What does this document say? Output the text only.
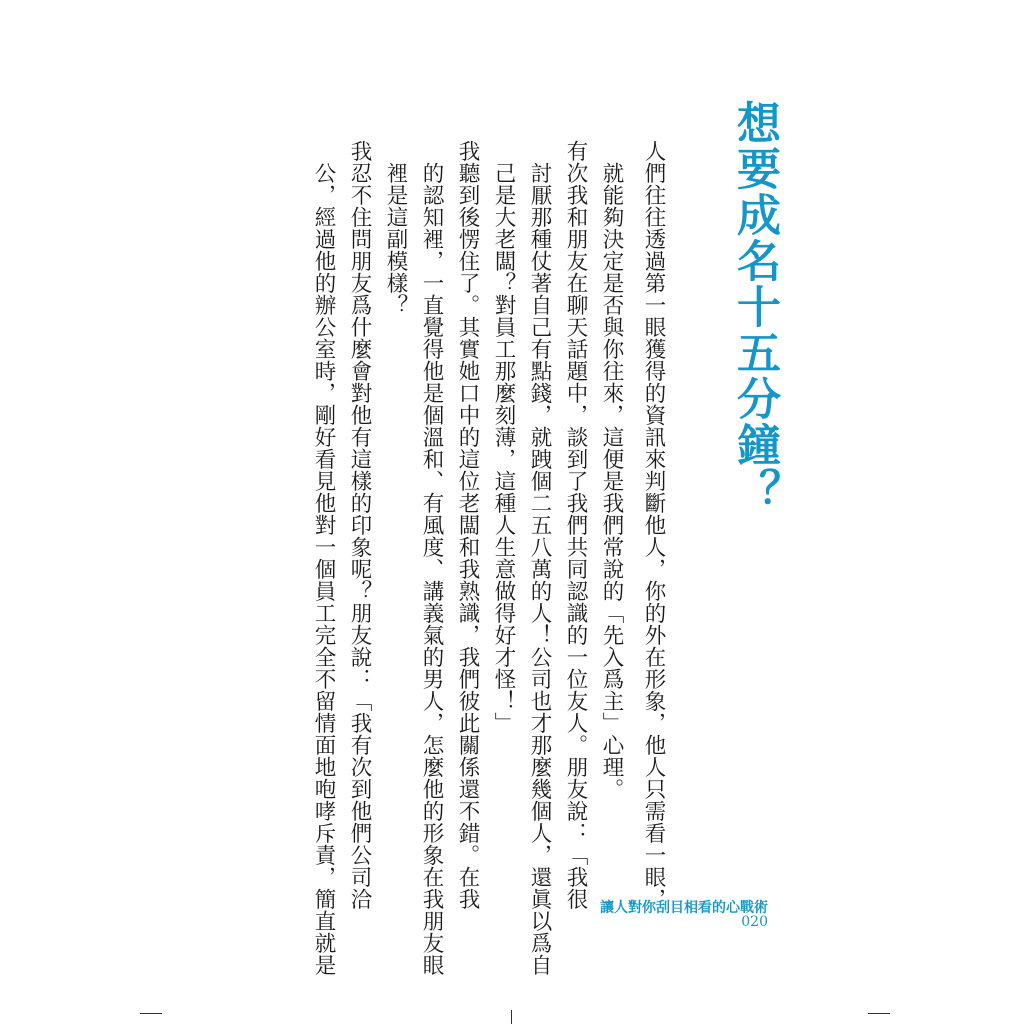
想要成名十五分鐘？
人們往往透過第一眼獲得的資訊來判斷他人，你的外在形象，他人只需看一眼，
就能夠決定是否與你往來，這便是我們常說的「先入爲主」心理。
有次我和朋友在聊天話題中，談到了我們共同認識的一位友人。朋友說：「我很
討厭那種仗著自己有點錢，就跩個二五八萬的人！公司也才那麼幾個人，還眞以爲自
己是大老闆？對員工那麼刻薄，這種人生意做得好才怪！」
我聽到後愣住了。其實她口中的這位老闆和我熟識，我們彼此關係還不錯。在我
的認知裡，一直覺得他是個溫和、有風度、講義氣的男人，怎麼他的形象在我朋友眼
裡是這副模樣？
我忍不住問朋友爲什麼會對他有這樣的印象呢？朋友說：「我有次到他們公司洽
公，經過他的辦公室時，剛好看見他對一個員工完全不留情面地咆哮斥責，簡直就是	讓人對你刮目相看的心戰術
020
